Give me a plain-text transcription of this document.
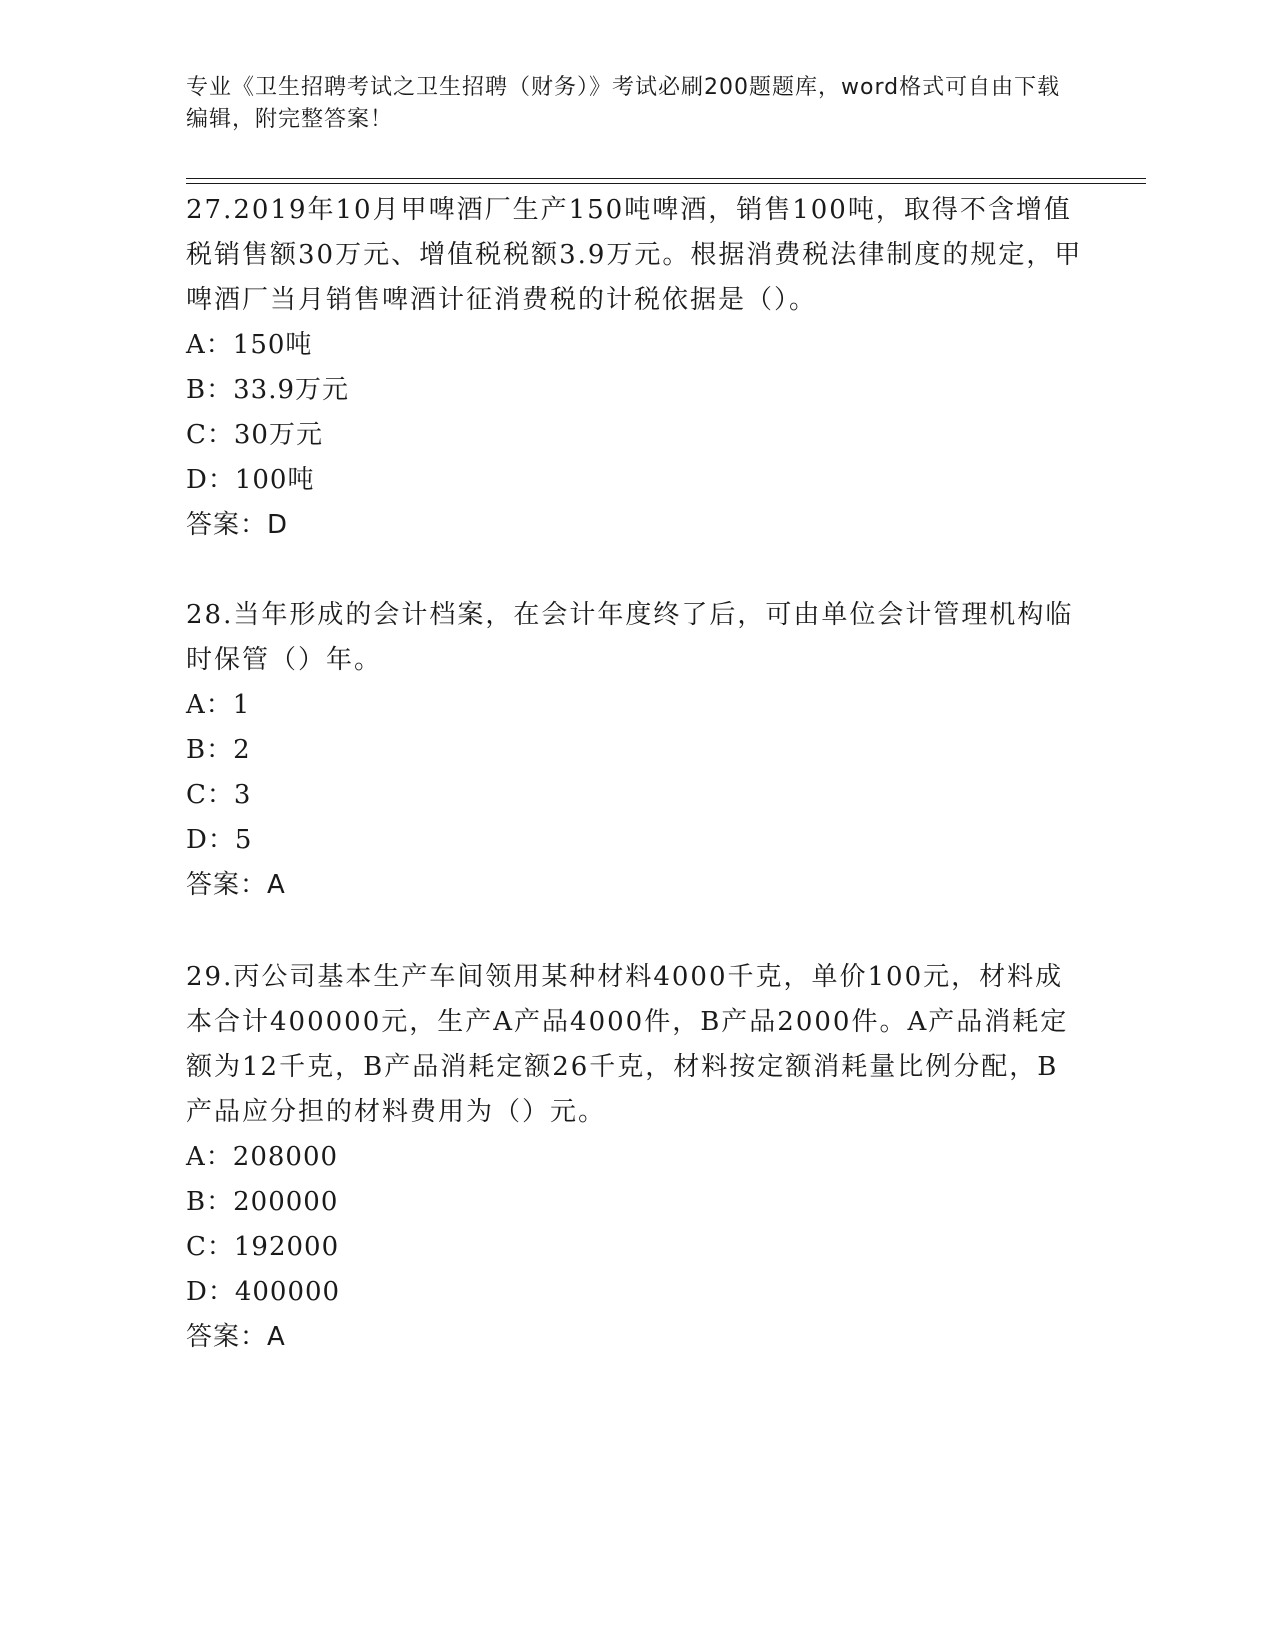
专业《卫生招聘考试之卫生招聘（财务）》考试必刷200题题库，word格式可自由下载编辑，附完整答案！

27.2019年10月甲啤酒厂生产150吨啤酒，销售100吨，取得不含增值税销售额30万元、增值税税额3.9万元。根据消费税法律制度的规定，甲啤酒厂当月销售啤酒计征消费税的计税依据是（）。

A：150吨
B：33.9万元
C：30万元
D：100吨

答案：D

28.当年形成的会计档案，在会计年度终了后，可由单位会计管理机构临时保管（）年。

A：1
B：2
C：3
D：5

答案：A

29.丙公司基本生产车间领用某种材料4000千克，单价100元，材料成本合计400000元，生产A产品4000件，B产品2000件。A产品消耗定额为12千克，B产品消耗定额26千克，材料按定额消耗量比例分配，B产品应分担的材料费用为（）元。

A：208000
B：200000
C：192000
D：400000

答案：A
